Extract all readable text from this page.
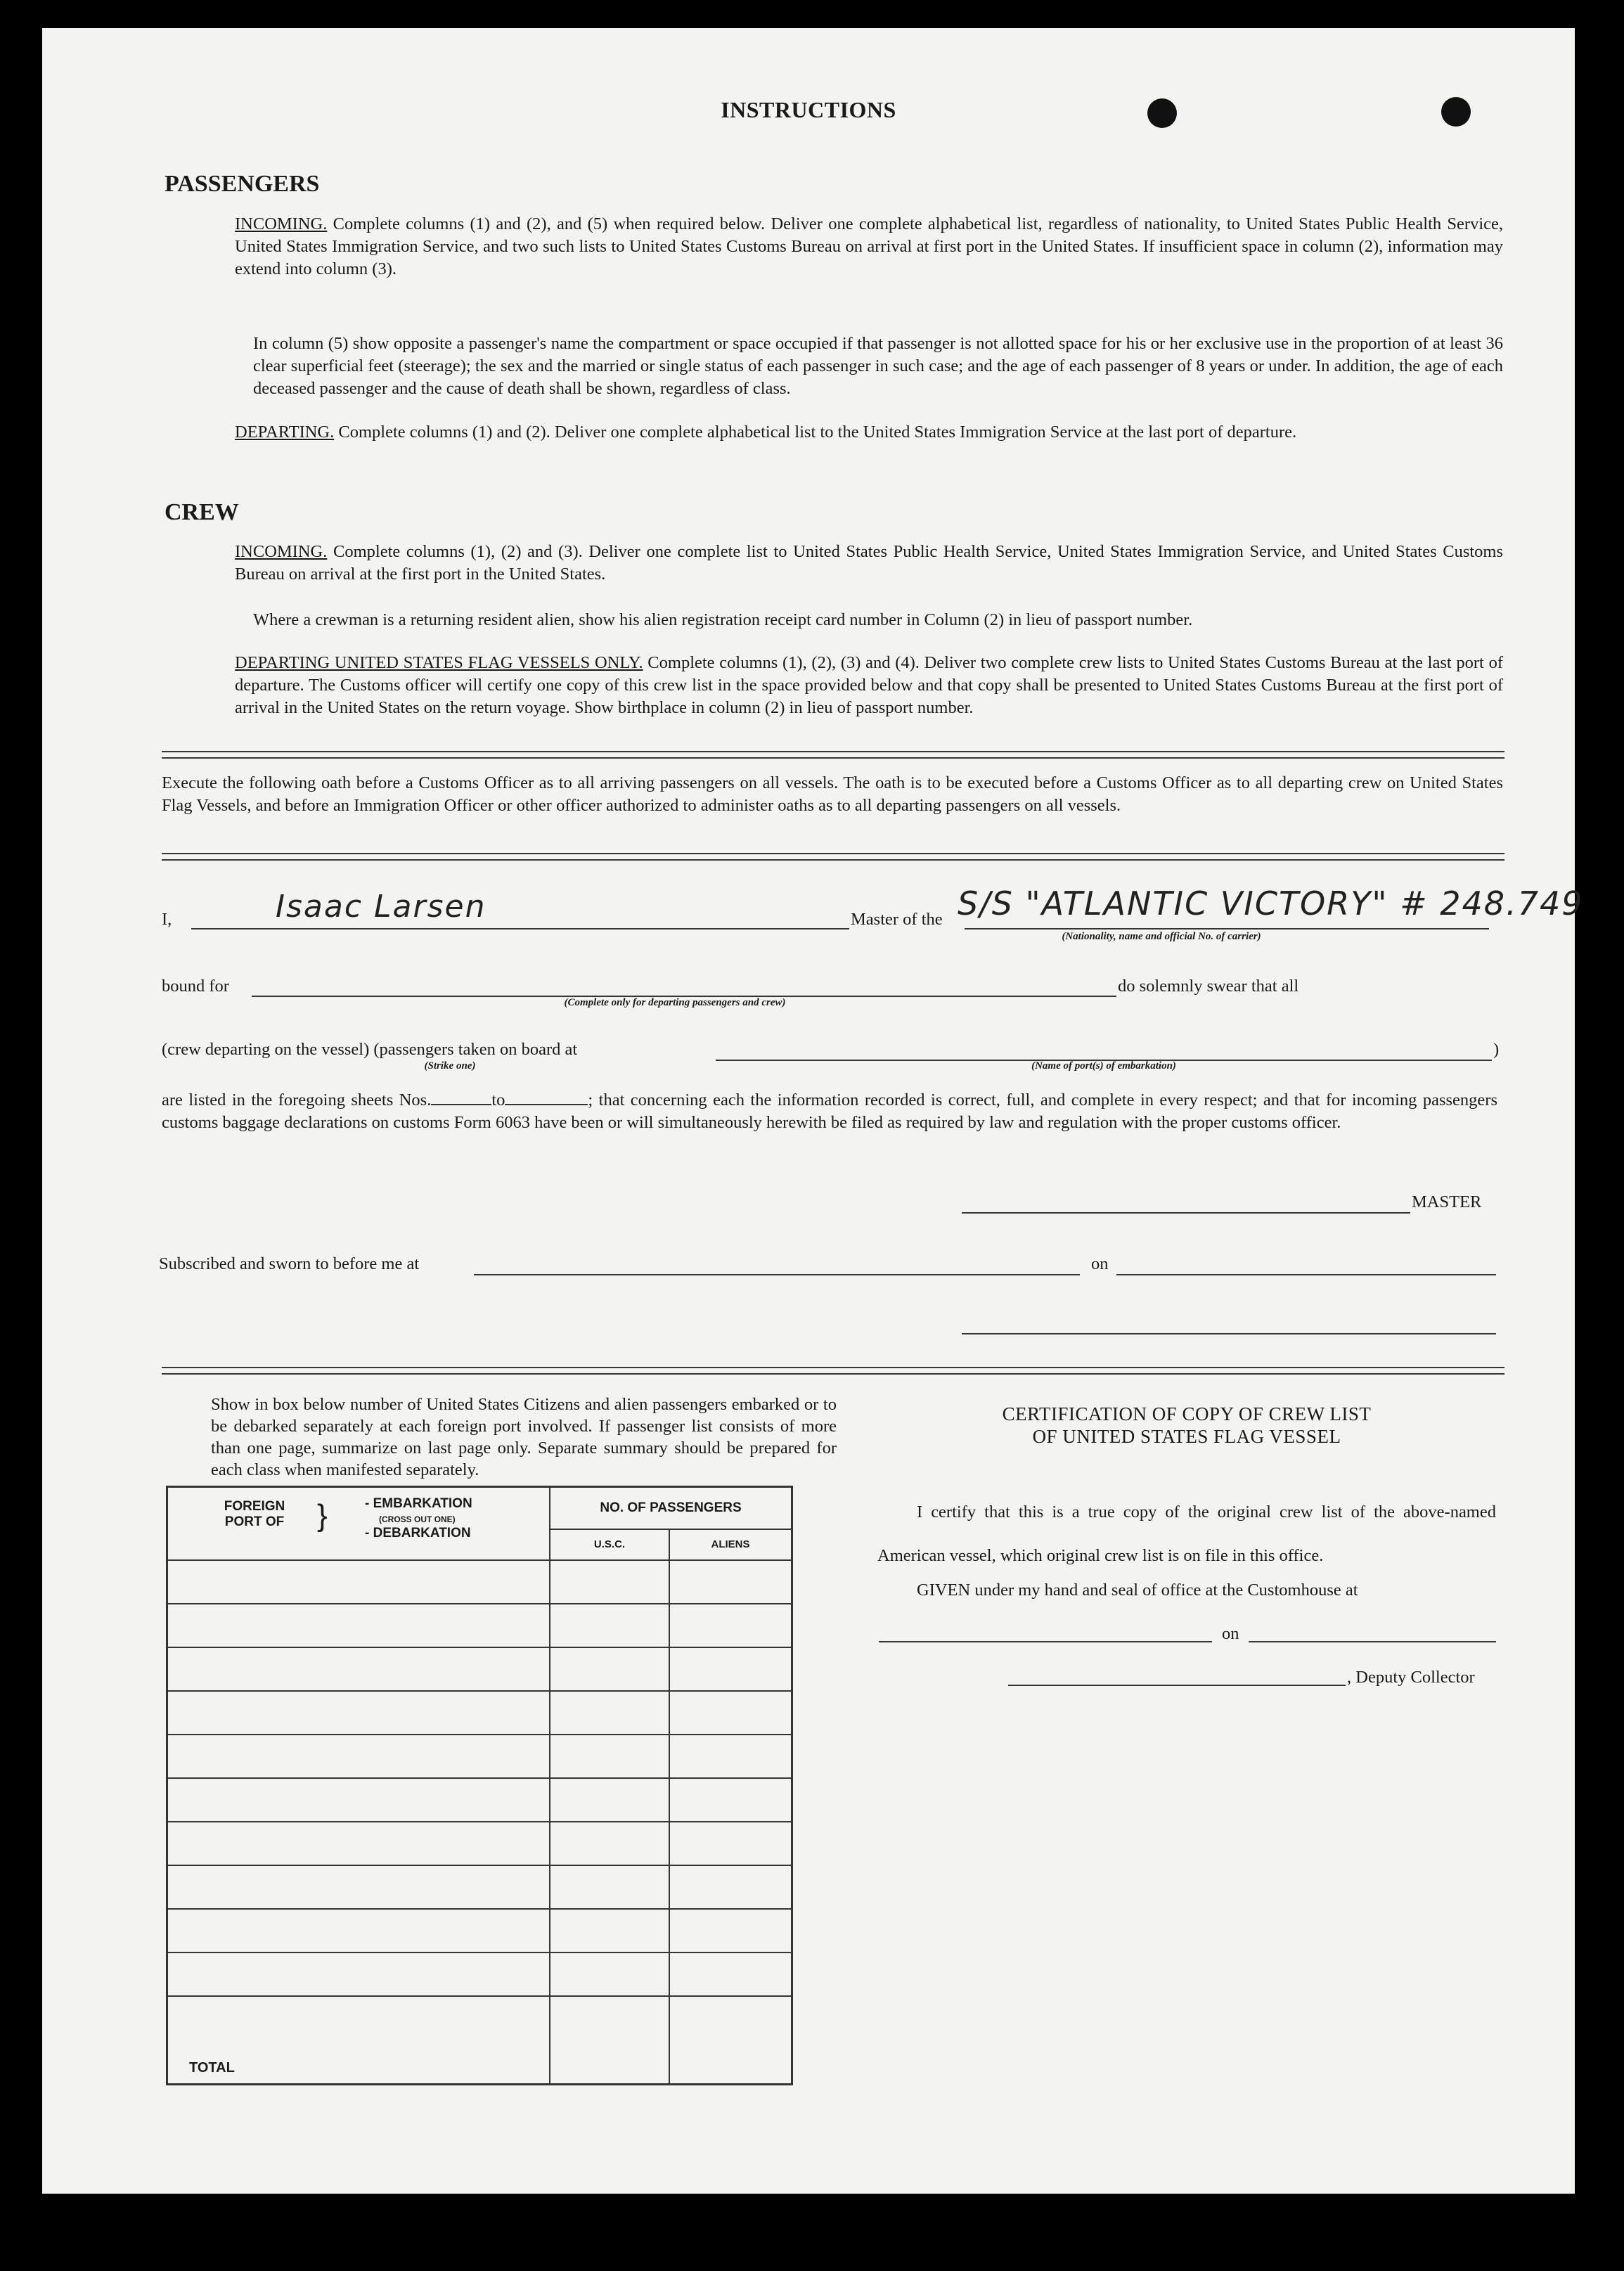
INSTRUCTIONS
PASSENGERS
INCOMING. Complete columns (1) and (2), and (5) when required below. Deliver one complete alphabetical list, regardless of nationality, to United States Public Health Service, United States Immigration Service, and two such lists to United States Customs Bureau on arrival at first port in the United States. If insufficient space in column (2), information may extend into column (3).
In column (5) show opposite a passenger's name the compartment or space occupied if that passenger is not allotted space for his or her exclusive use in the proportion of at least 36 clear superficial feet (steerage); the sex and the married or single status of each passenger in such case; and the age of each passenger of 8 years or under. In addition, the age of each deceased passenger and the cause of death shall be shown, regardless of class.
DEPARTING. Complete columns (1) and (2). Deliver one complete alphabetical list to the United States Immigration Service at the last port of departure.
CREW
INCOMING. Complete columns (1), (2) and (3). Deliver one complete list to United States Public Health Service, United States Immigration Service, and United States Customs Bureau on arrival at the first port in the United States.
Where a crewman is a returning resident alien, show his alien registration receipt card number in Column (2) in lieu of passport number.
DEPARTING UNITED STATES FLAG VESSELS ONLY. Complete columns (1), (2), (3) and (4). Deliver two complete crew lists to United States Customs Bureau at the last port of departure. The Customs officer will certify one copy of this crew list in the space provided below and that copy shall be presented to United States Customs Bureau at the first port of arrival in the United States on the return voyage. Show birthplace in column (2) in lieu of passport number.
Execute the following oath before a Customs Officer as to all arriving passengers on all vessels. The oath is to be executed before a Customs Officer as to all departing crew on United States Flag Vessels, and before an Immigration Officer or other officer authorized to administer oaths as to all departing passengers on all vessels.
I,	Isaac Larsen	Master of the S/S "ATLANTIC VICTORY" # 248.749
(Nationality, name and official No. of carrier)
bound for	do solemnly swear that all
(Complete only for departing passengers and crew)
(crew departing on the vessel) (passengers taken on board at	)
(Strike one)	(Name of port(s) of embarkation)
are listed in the foregoing sheets Nos.	to	; that concerning each the information recorded is correct, full, and complete in every respect; and that for incoming passengers customs baggage declarations on customs Form 6063 have been or will simultaneously herewith be filed as required by law and regulation with the proper customs officer.
MASTER
Subscribed and sworn to before me at	on
Show in box below number of United States Citizens and alien passengers embarked or to be debarked separately at each foreign port involved. If passenger list consists of more than one page, summarize on last page only. Separate summary should be prepared for each class when manifested separately.
FOREIGN PORT OF } - EMBARKATION
(CROSS OUT ONE)
- DEBARKATION	NO. OF PASSENGERS	
	U.S.C.	ALIENS

TOTAL		
CERTIFICATION OF COPY OF CREW LIST
OF UNITED STATES FLAG VESSEL
I certify that this is a true copy of the original crew list of the above-named American vessel, which original crew list is on file in this office.
GIVEN under my hand and seal of office at the Customhouse at
on
, Deputy Collector
